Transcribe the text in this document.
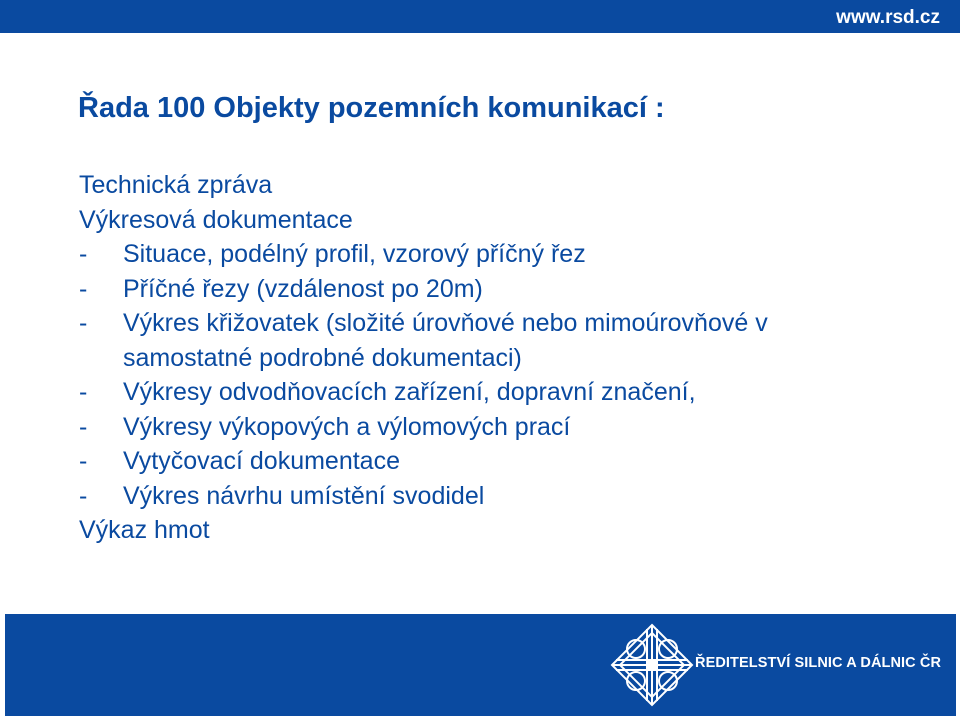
www.rsd.cz
Řada 100 Objekty pozemních komunikací :
Technická zpráva
Výkresová dokumentace
-	Situace, podélný profil, vzorový příčný řez
-	Příčné řezy (vzdálenost po 20m)
-	Výkres křižovatek (složité úrovňové nebo mimoúrovňové v
samostatné podrobné dokumentaci)
-	Výkresy odvodňovacích zařízení, dopravní značení,
-	Výkresy výkopových a výlomových prací
-	Vytyčovací dokumentace
-	Výkres návrhu umístění svodidel
Výkaz hmot
ŘEDITELSTVÍ SILNIC A DÁLNIC ČR
